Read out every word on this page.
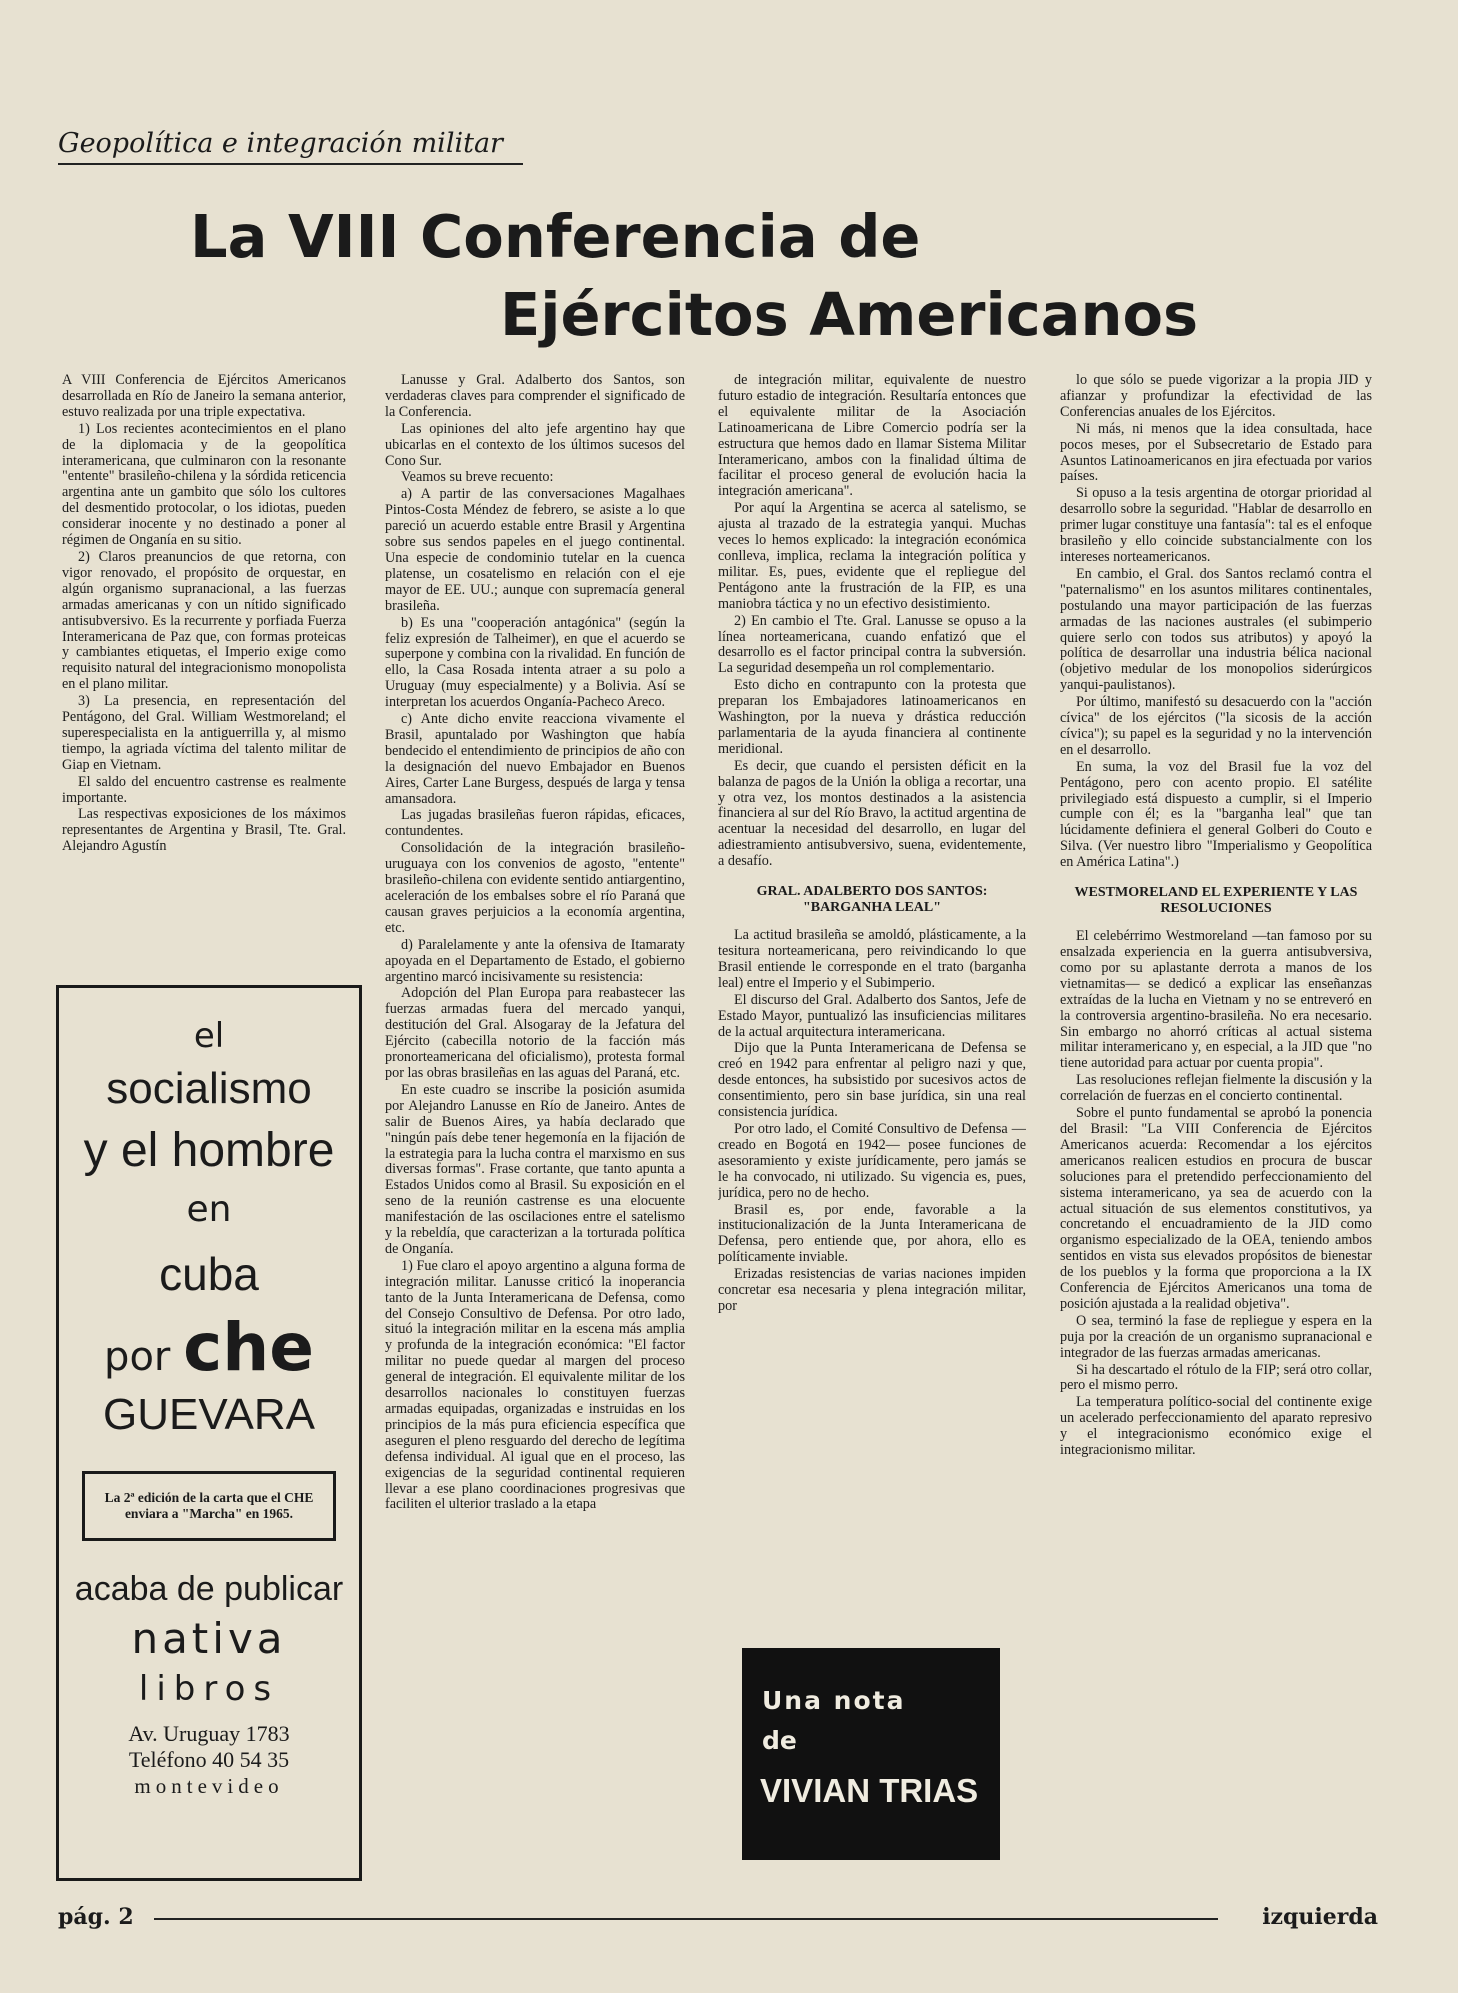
Geopolítica e integración militar
La VIII Conferencia de
Ejércitos Americanos

A VIII Conferencia de Ejércitos Americanos desarrollada en Río de Janeiro la semana anterior, estuvo realizada por una triple expectativa.

1) Los recientes acontecimientos en el plano de la diplomacia y de la geopolítica interamericana, que culminaron con la resonante "entente" brasileño-chilena y la sórdida reticencia argentina ante un gambito que sólo los cultores del desmentido protocolar, o los idiotas, pueden considerar inocente y no destinado a poner al régimen de Onganía en su sitio.

2) Claros preanuncios de que retorna, con vigor renovado, el propósito de orquestar, en algún organismo supranacional, a las fuerzas armadas americanas y con un nítido significado antisubversivo. Es la recurrente y porfiada Fuerza Interamericana de Paz que, con formas proteicas y cambiantes etiquetas, el Imperio exige como requisito natural del integracionismo monopolista en el plano militar.

3) La presencia, en representación del Pentágono, del Gral. William Westmoreland; el superespecialista en la antiguerrilla y, al mismo tiempo, la agriada víctima del talento militar de Giap en Vietnam.

El saldo del encuentro castrense es realmente importante.

Las respectivas exposiciones de los máximos representantes de Argentina y Brasil, Tte. Gral. Alejandro Agustín

Lanusse y Gral. Adalberto dos Santos, son verdaderas claves para comprender el significado de la Conferencia.

Las opiniones del alto jefe argentino hay que ubicarlas en el contexto de los últimos sucesos del Cono Sur.

Veamos su breve recuento:

a) A partir de las conversaciones Magalhaes Pintos-Costa Méndez de febrero, se asiste a lo que pareció un acuerdo estable entre Brasil y Argentina sobre sus sendos papeles en el juego continental. Una especie de condominio tutelar en la cuenca platense, un cosatelismo en relación con el eje mayor de EE. UU.; aunque con supremacía general brasileña.

b) Es una "cooperación antagónica" (según la feliz expresión de Talheimer), en que el acuerdo se superpone y combina con la rivalidad. En función de ello, la Casa Rosada intenta atraer a su polo a Uruguay (muy especialmente) y a Bolivia. Así se interpretan los acuerdos Onganía-Pacheco Areco.

c) Ante dicho envite reacciona vivamente el Brasil, apuntalado por Washington que había bendecido el entendimiento de principios de año con la designación del nuevo Embajador en Buenos Aires, Carter Lane Burgess, después de larga y tensa amansadora.

Las jugadas brasileñas fueron rápidas, eficaces, contundentes.

Consolidación de la integración brasileño-uruguaya con los convenios de agosto, "entente" brasileño-chilena con evidente sentido antiargentino, aceleración de los embalses sobre el río Paraná que causan graves perjuicios a la economía argentina, etc.

d) Paralelamente y ante la ofensiva de Itamaraty apoyada en el Departamento de Estado, el gobierno argentino marcó incisivamente su resistencia:

Adopción del Plan Europa para reabastecer las fuerzas armadas fuera del mercado yanqui, destitución del Gral. Alsogaray de la Jefatura del Ejército (cabecilla notorio de la facción más pronorteamericana del oficialismo), protesta formal por las obras brasileñas en las aguas del Paraná, etc.

En este cuadro se inscribe la posición asumida por Alejandro Lanusse en Río de Janeiro. Antes de salir de Buenos Aires, ya había declarado que "ningún país debe tener hegemonía en la fijación de la estrategia para la lucha contra el marxismo en sus diversas formas". Frase cortante, que tanto apunta a Estados Unidos como al Brasil. Su exposición en el seno de la reunión castrense es una elocuente manifestación de las oscilaciones entre el satelismo y la rebeldía, que caracterizan a la torturada política de Onganía.

1) Fue claro el apoyo argentino a alguna forma de integración militar. Lanusse criticó la inoperancia tanto de la Junta Interamericana de Defensa, como del Consejo Consultivo de Defensa. Por otro lado, situó la integración militar en la escena más amplia y profunda de la integración económica: "El factor militar no puede quedar al margen del proceso general de integración. El equivalente militar de los desarrollos nacionales lo constituyen fuerzas armadas equipadas, organizadas e instruidas en los principios de la más pura eficiencia específica que aseguren el pleno resguardo del derecho de legítima defensa individual. Al igual que en el proceso, las exigencias de la seguridad continental requieren llevar a ese plano coordinaciones progresivas que faciliten el ulterior traslado a la etapa

de integración militar, equivalente de nuestro futuro estadio de integración. Resultaría entonces que el equivalente militar de la Asociación Latinoamericana de Libre Comercio podría ser la estructura que hemos dado en llamar Sistema Militar Interamericano, ambos con la finalidad última de facilitar el proceso general de evolución hacia la integración americana".

Por aquí la Argentina se acerca al satelismo, se ajusta al trazado de la estrategia yanqui. Muchas veces lo hemos explicado: la integración económica conlleva, implica, reclama la integración política y militar. Es, pues, evidente que el repliegue del Pentágono ante la frustración de la FIP, es una maniobra táctica y no un efectivo desistimiento.

2) En cambio el Tte. Gral. Lanusse se opuso a la línea norteamericana, cuando enfatizó que el desarrollo es el factor principal contra la subversión. La seguridad desempeña un rol complementario.

Esto dicho en contrapunto con la protesta que preparan los Embajadores latinoamericanos en Washington, por la nueva y drástica reducción parlamentaria de la ayuda financiera al continente meridional.

Es decir, que cuando el persisten déficit en la balanza de pagos de la Unión la obliga a recortar, una y otra vez, los montos destinados a la asistencia financiera al sur del Río Bravo, la actitud argentina de acentuar la necesidad del desarrollo, en lugar del adiestramiento antisubversivo, suena, evidentemente, a desafío.

GRAL. ADALBERTO DOS SANTOS: "BARGANHA LEAL"

La actitud brasileña se amoldó, plásticamente, a la tesitura norteamericana, pero reivindicando lo que Brasil entiende le corresponde en el trato (barganha leal) entre el Imperio y el Subimperio.

El discurso del Gral. Adalberto dos Santos, Jefe de Estado Mayor, puntualizó las insuficiencias militares de la actual arquitectura interamericana.

Dijo que la Punta Interamericana de Defensa se creó en 1942 para enfrentar al peligro nazi y que, desde entonces, ha subsistido por sucesivos actos de consentimiento, pero sin base jurídica, sin una real consistencia jurídica.

Por otro lado, el Comité Consultivo de Defensa —creado en Bogotá en 1942— posee funciones de asesoramiento y existe jurídicamente, pero jamás se le ha convocado, ni utilizado. Su vigencia es, pues, jurídica, pero no de hecho.

Brasil es, por ende, favorable a la institucionalización de la Junta Interamericana de Defensa, pero entiende que, por ahora, ello es políticamente inviable.

Erizadas resistencias de varias naciones impiden concretar esa necesaria y plena integración militar, por

lo que sólo se puede vigorizar a la propia JID y afianzar y profundizar la efectividad de las Conferencias anuales de los Ejércitos.

Ni más, ni menos que la idea consultada, hace pocos meses, por el Subsecretario de Estado para Asuntos Latinoamericanos en jira efectuada por varios países.

Si opuso a la tesis argentina de otorgar prioridad al desarrollo sobre la seguridad. "Hablar de desarrollo en primer lugar constituye una fantasía": tal es el enfoque brasileño y ello coincide substancialmente con los intereses norteamericanos.

En cambio, el Gral. dos Santos reclamó contra el "paternalismo" en los asuntos militares continentales, postulando una mayor participación de las fuerzas armadas de las naciones australes (el subimperio quiere serlo con todos sus atributos) y apoyó la política de desarrollar una industria bélica nacional (objetivo medular de los monopolios siderúrgicos yanqui-paulistanos).

Por último, manifestó su desacuerdo con la "acción cívica" de los ejércitos ("la sicosis de la acción cívica"); su papel es la seguridad y no la intervención en el desarrollo.

En suma, la voz del Brasil fue la voz del Pentágono, pero con acento propio. El satélite privilegiado está dispuesto a cumplir, si el Imperio cumple con él; es la "barganha leal" que tan lúcidamente definiera el general Golberi do Couto e Silva. (Ver nuestro libro "Imperialismo y Geopolítica en América Latina".)

WESTMORELAND EL EXPERIENTE Y LAS RESOLUCIONES

El celebérrimo Westmoreland —tan famoso por su ensalzada experiencia en la guerra antisubversiva, como por su aplastante derrota a manos de los vietnamitas— se dedicó a explicar las enseñanzas extraídas de la lucha en Vietnam y no se entreveró en la controversia argentino-brasileña. No era necesario. Sin embargo no ahorró críticas al actual sistema militar interamericano y, en especial, a la JID que "no tiene autoridad para actuar por cuenta propia".

Las resoluciones reflejan fielmente la discusión y la correlación de fuerzas en el concierto continental.

Sobre el punto fundamental se aprobó la ponencia del Brasil: "La VIII Conferencia de Ejércitos Americanos acuerda: Recomendar a los ejércitos americanos realicen estudios en procura de buscar soluciones para el pretendido perfeccionamiento del sistema interamericano, ya sea de acuerdo con la actual situación de sus elementos constitutivos, ya concretando el encuadramiento de la JID como organismo especializado de la OEA, teniendo ambos sentidos en vista sus elevados propósitos de bienestar de los pueblos y la forma que proporciona a la IX Conferencia de Ejércitos Americanos una toma de posición ajustada a la realidad objetiva".

O sea, terminó la fase de repliegue y espera en la puja por la creación de un organismo supranacional e integrador de las fuerzas armadas americanas.

Si ha descartado el rótulo de la FIP; será otro collar, pero el mismo perro.

La temperatura político-social del continente exige un acelerado perfeccionamiento del aparato represivo y el integracionismo económico exige el integracionismo militar.

el
socialismo
y el hombre
en
cuba
por che
GUEVARA
La 2ª edición de la carta que el CHE enviara a "Marcha" en 1965.
acaba de publicar
nativa
libros
Av. Uruguay 1783
Teléfono 40 54 35
montevideo
Una nota
de
VIVIAN TRIAS
pág. 2	izquierda
